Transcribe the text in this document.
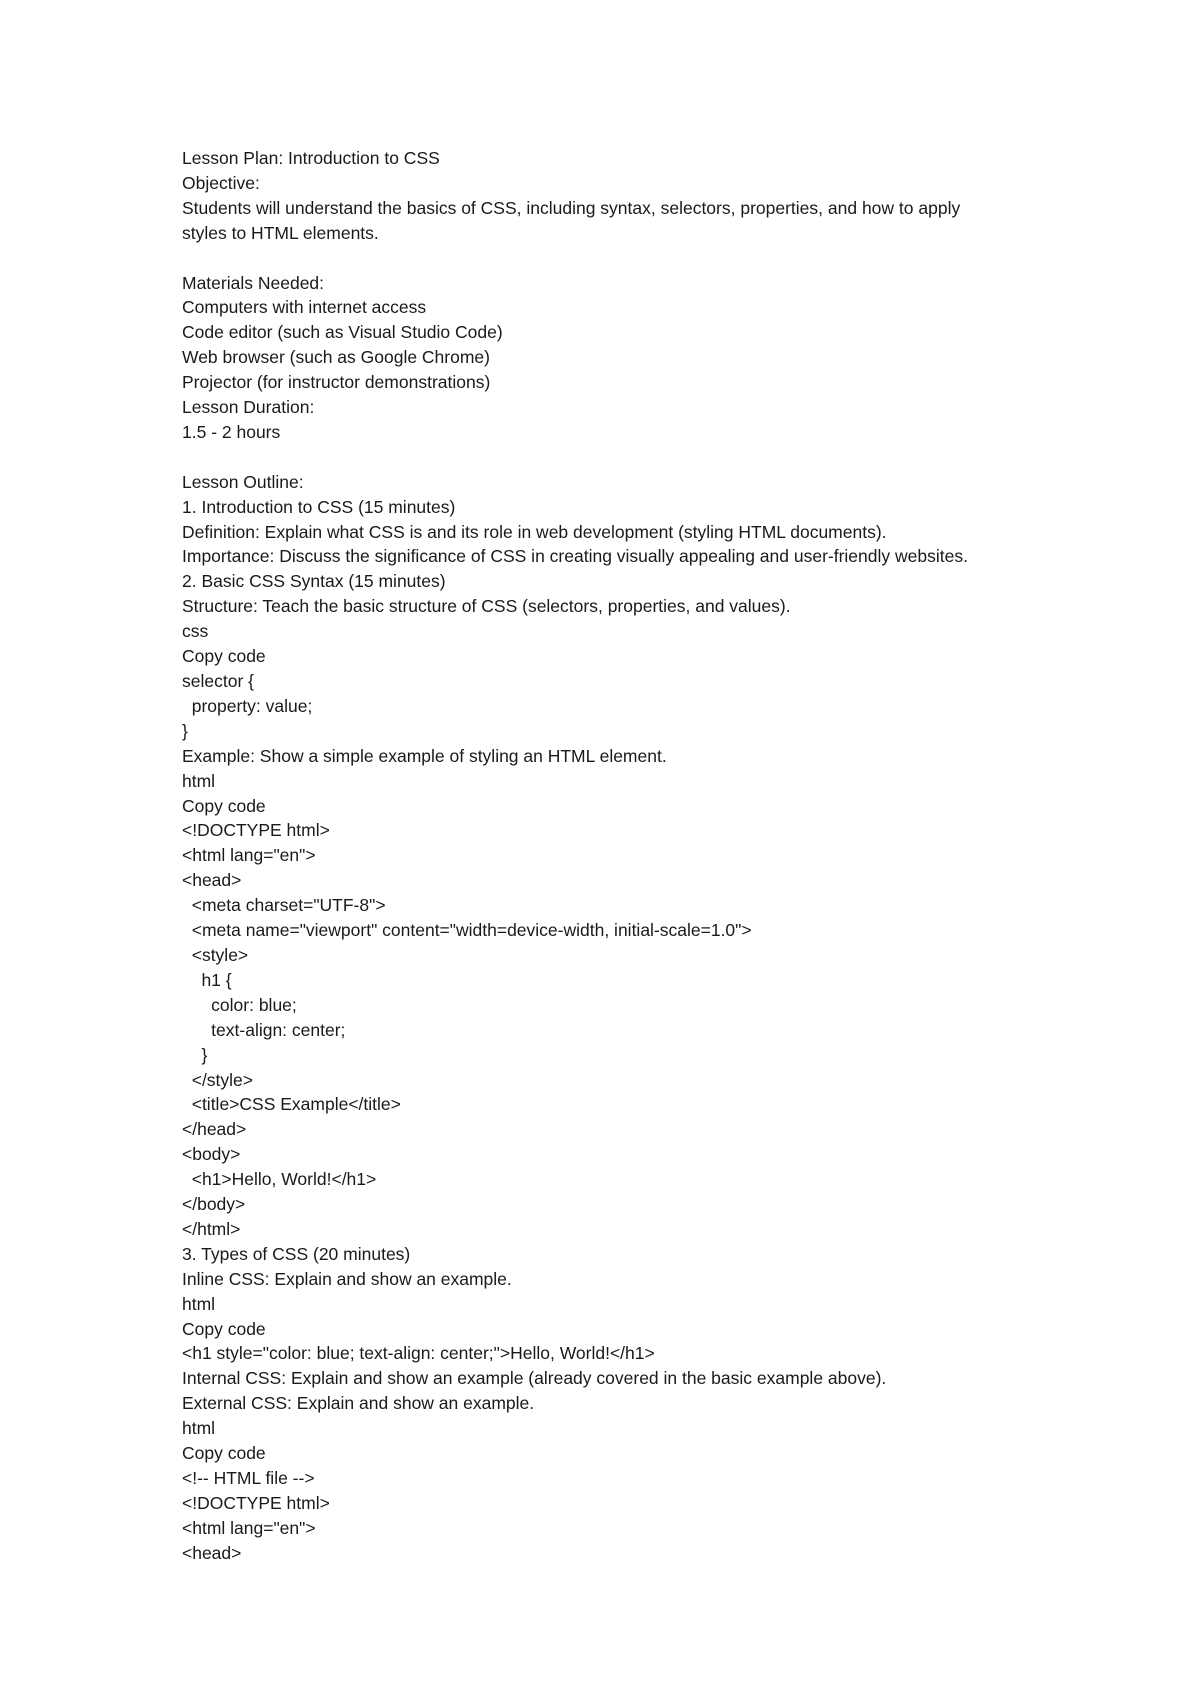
Lesson Plan: Introduction to CSS
Objective:
Students will understand the basics of CSS, including syntax, selectors, properties, and how to apply
styles to HTML elements.
Materials Needed:
Computers with internet access
Code editor (such as Visual Studio Code)
Web browser (such as Google Chrome)
Projector (for instructor demonstrations)
Lesson Duration:
1.5 - 2 hours
Lesson Outline:
1. Introduction to CSS (15 minutes)
Definition: Explain what CSS is and its role in web development (styling HTML documents).
Importance: Discuss the significance of CSS in creating visually appealing and user-friendly websites.
2. Basic CSS Syntax (15 minutes)
Structure: Teach the basic structure of CSS (selectors, properties, and values).
css
Copy code
selector {
property: value;
}
Example: Show a simple example of styling an HTML element.
html
Copy code
<!DOCTYPE html>
<html lang="en">
<head>
<meta charset="UTF-8">
<meta name="viewport" content="width=device-width, initial-scale=1.0">
<style>
h1 {
color: blue;
text-align: center;
}
</style>
<title>CSS Example</title>
</head>
<body>
<h1>Hello, World!</h1>
</body>
</html>
3. Types of CSS (20 minutes)
Inline CSS: Explain and show an example.
html
Copy code
<h1 style="color: blue; text-align: center;">Hello, World!</h1>
Internal CSS: Explain and show an example (already covered in the basic example above).
External CSS: Explain and show an example.
html
Copy code
<!-- HTML file -->
<!DOCTYPE html>
<html lang="en">
<head>
